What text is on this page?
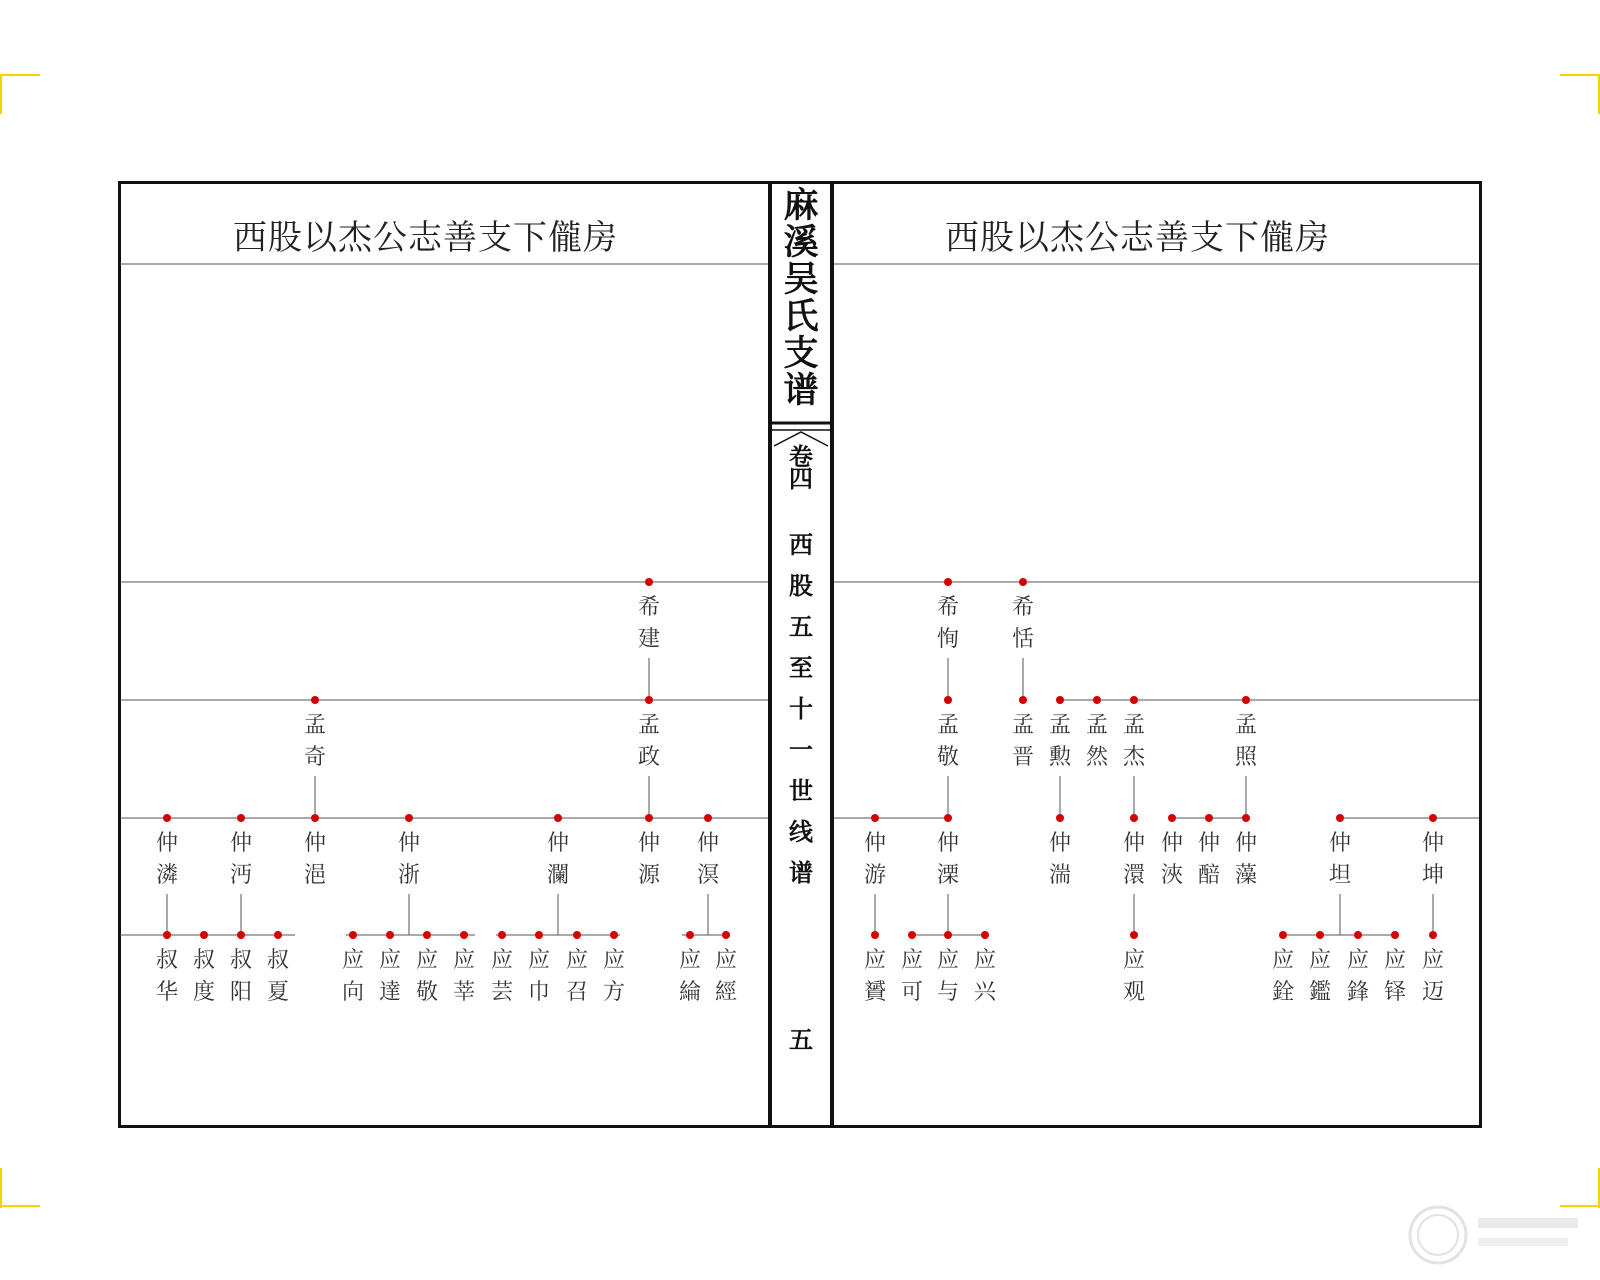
西股以杰公志善支下儱房	西股以杰公志善支下儱房
麻
溪
吴
氏
支
谱
卷四
西
股
五
至
十
一
世
线
谱
五
希
建
孟
奇
孟
政
仲
潾
仲
沔
仲
浥
仲
浙
仲
瀾
仲
源
仲
溟
叔
华
叔
度
叔
阳
叔
夏
应
向
应
達
应
敬
应
莘
应
芸
应
巾
应
召
应
方
应
綸
应
經
希
恂
希
恬
孟
敬
孟
晋
孟
勲
孟
然
孟
杰
孟
照
仲
游
仲
溧
仲
湍
仲
澴
仲
浹
仲
醅
仲
藻
仲
坦
仲
坤
应
贇
应
可
应
与
应
兴
应
观
应
銓
应
鑑
应
鋒
应
铎
应
迈
